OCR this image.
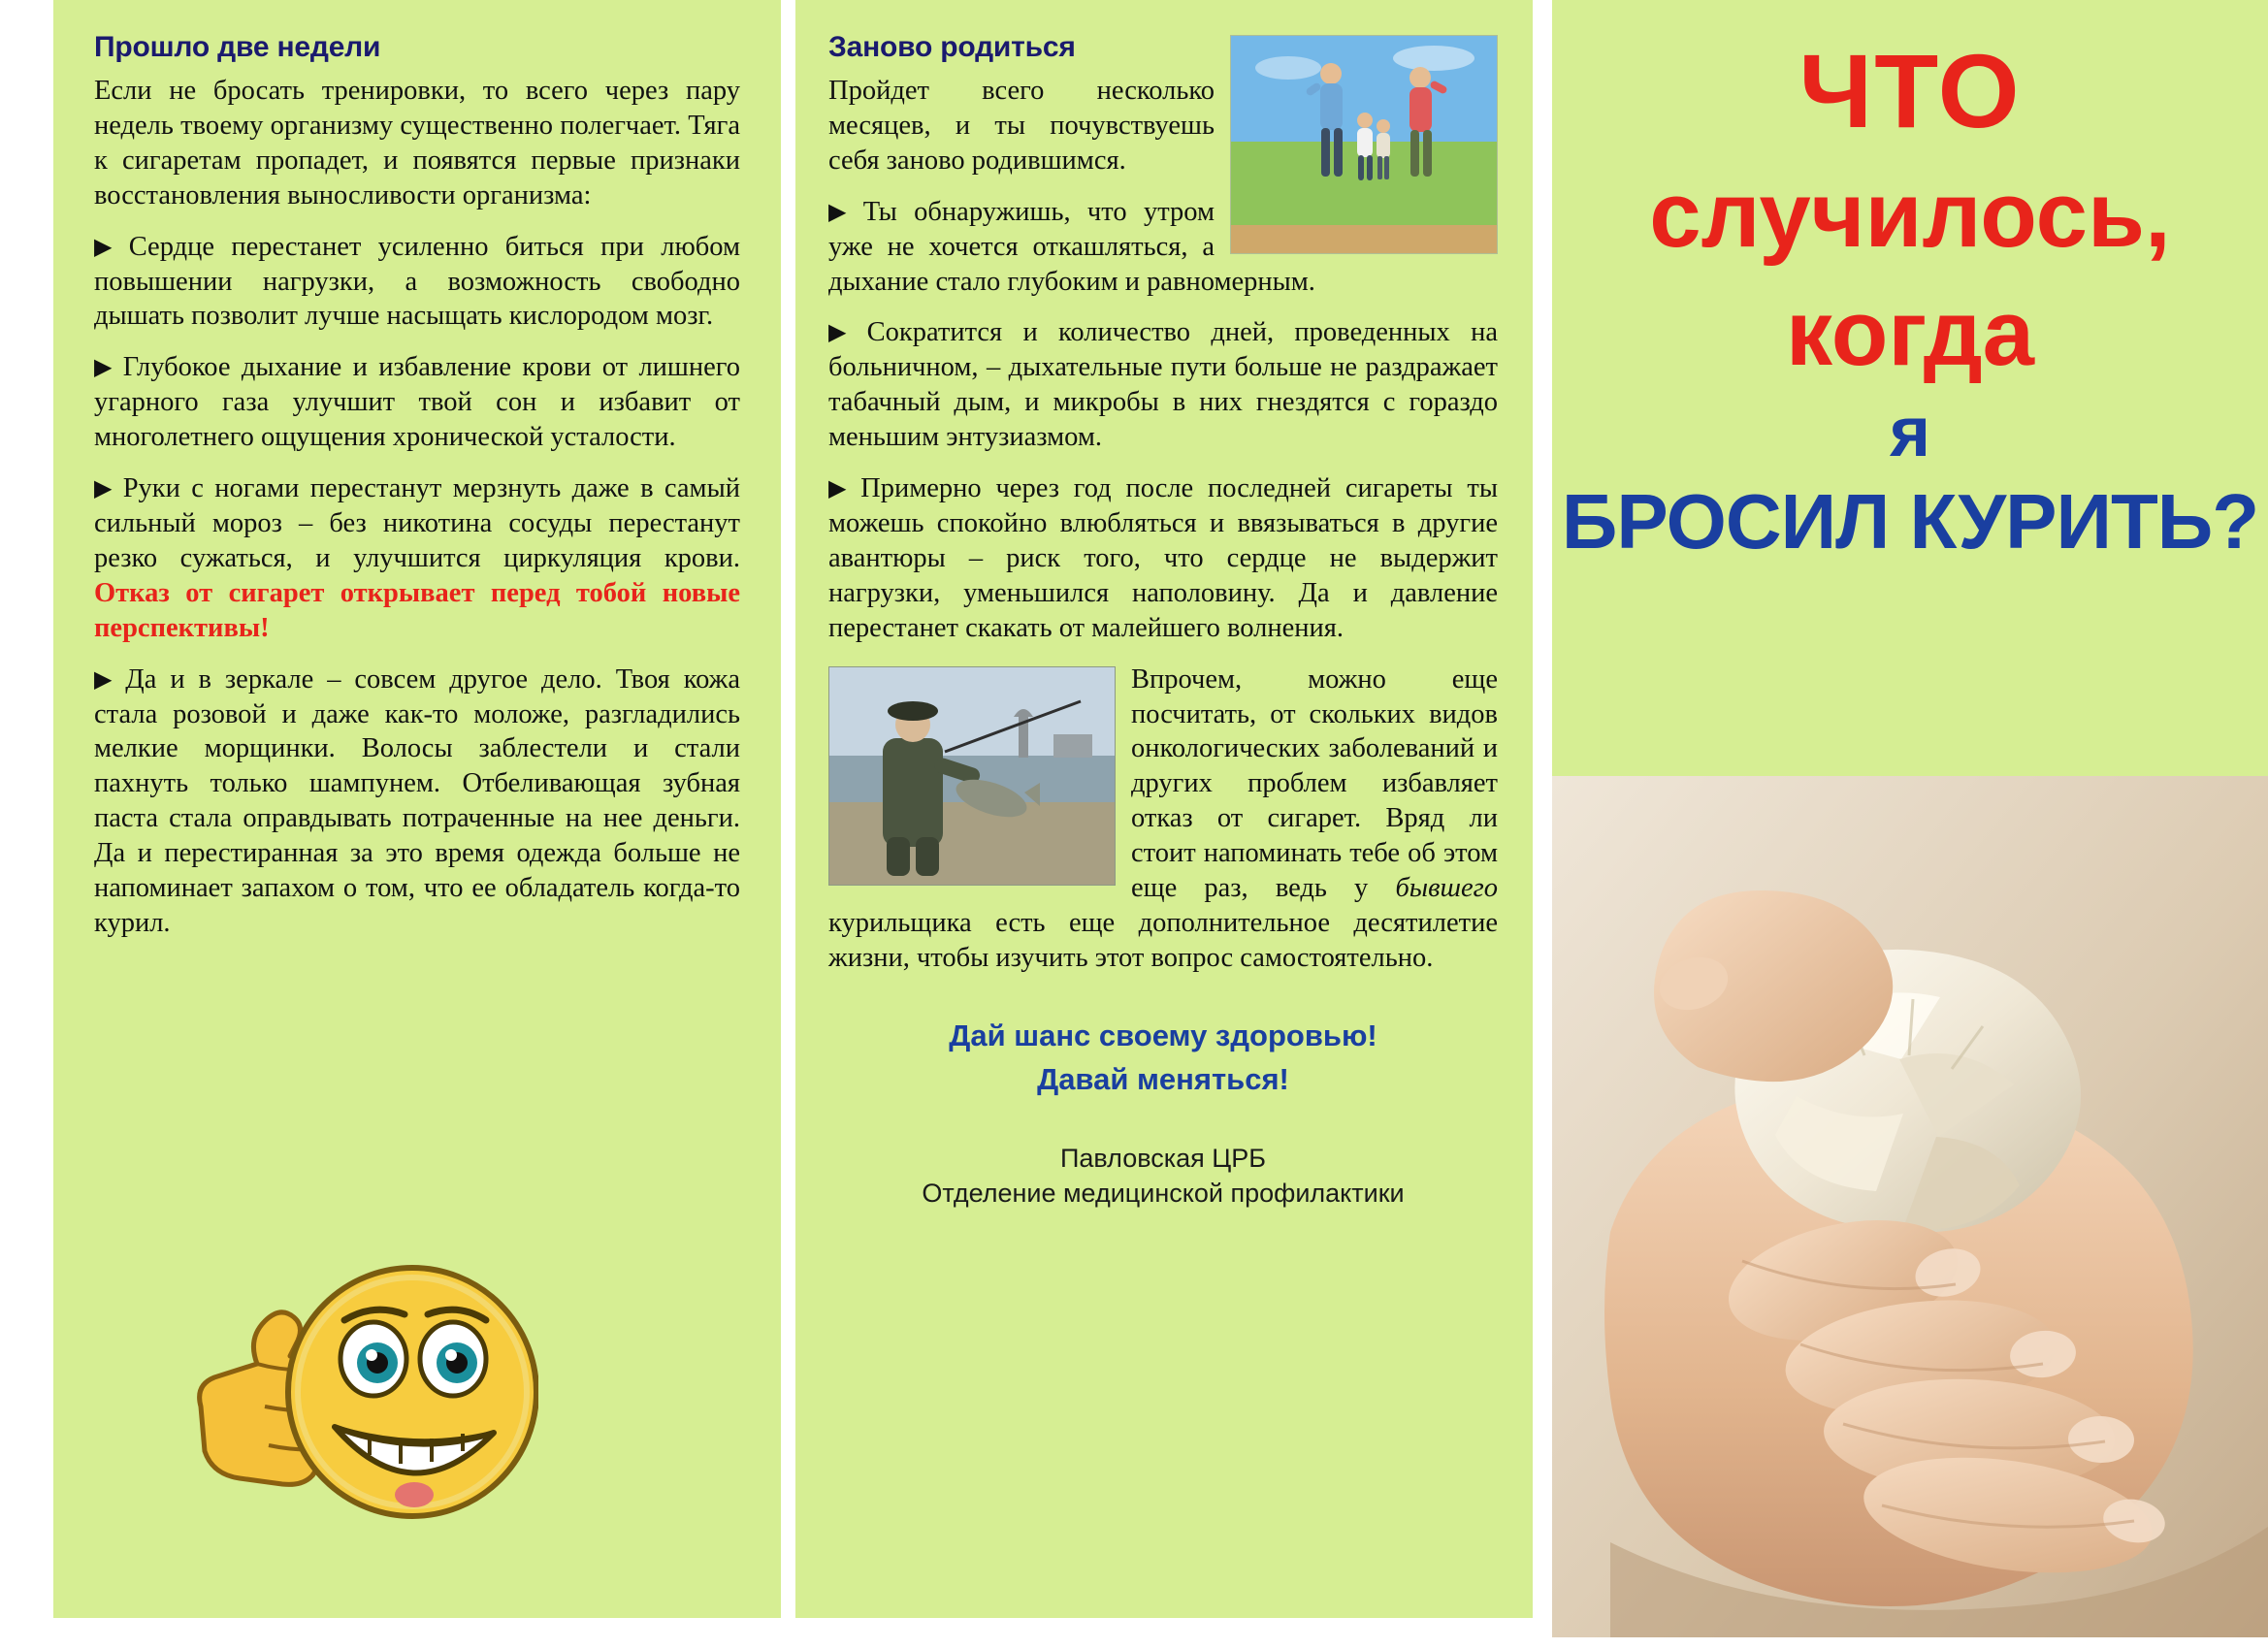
Прошло две недели

Если не бросать тренировки, то всего через пару недель твоему организму существенно полегчает. Тяга к сигаретам пропадет, и появятся первые признаки восстановления выносливости организма:

▶ Сердце перестанет усиленно биться при любом повышении нагрузки, а возможность свободно дышать позволит лучше насыщать кислородом мозг.

▶ Глубокое дыхание и избавление крови от лишнего угарного газа улучшит твой сон и избавит от многолетнего ощущения хронической усталости.

▶ Руки с ногами перестанут мерзнуть даже в самый сильный мороз – без никотина сосуды перестанут резко сужаться, и улучшится циркуляция крови. Отказ от сигарет открывает перед тобой новые перспективы!

▶ Да и в зеркале – совсем другое дело. Твоя кожа стала розовой и даже как-то моложе, разгладились мелкие морщинки. Волосы заблестели и стали пахнуть только шампунем. Отбеливающая зубная паста стала оправдывать потраченные на нее деньги. Да и перестиранная за это время одежда больше не напоминает запахом о том, что ее обладатель когда-то курил.

Заново родиться

Пройдет всего несколько месяцев, и ты почувствуешь себя заново родившимся.

▶ Ты обнаружишь, что утром уже не хочется откашляться, а дыхание стало глубоким и равномерным.

▶ Сократится и количество дней, проведенных на больничном, – дыхательные пути больше не раздражает табачный дым, и микробы в них гнездятся с гораздо меньшим энтузиазмом.

▶ Примерно через год после последней сигареты ты можешь спокойно влюбляться и ввязываться в другие авантюры – риск того, что сердце не выдержит нагрузки, уменьшился наполовину. Да и давление перестанет скакать от малейшего волнения.

Впрочем, можно еще посчитать, от скольких видов онкологических заболеваний и других проблем избавляет отказ от сигарет. Вряд ли стоит напоминать тебе об этом еще раз, ведь у бывшего курильщика есть еще дополнительное десятилетие жизни, чтобы изучить этот вопрос самостоятельно.

Дай шанс своему здоровью!
Давай меняться!
Павловская ЦРБ
Отделение медицинской профилактики
ЧТО
случилось,
когда
я
БРОСИЛ КУРИТЬ?
